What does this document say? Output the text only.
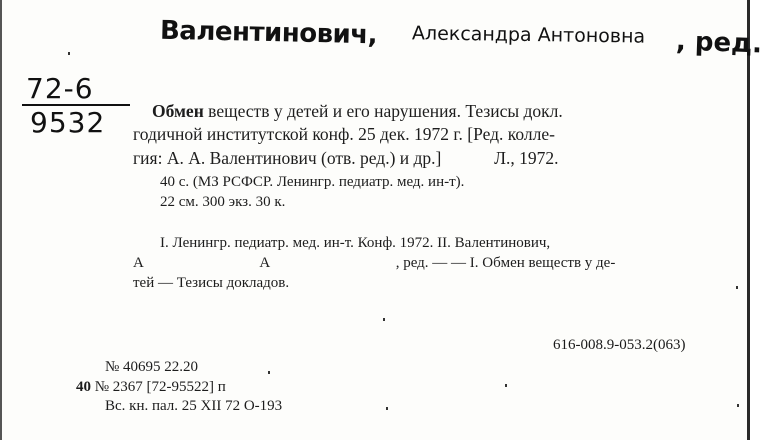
Валентинович, Александра Антоновна , ред.
72-6
9532	Обмен веществ у детей и его нарушения. Тезисы докл.
годичной институтской конф. 25 дек. 1972 г. [Ред. колле-
гия: А. А. Валентинович (отв. ред.) и др.]	Л., 1972.
40 с. (МЗ РСФСР. Ленингр. педиатр. мед. ин-т).
22 см. 300 экз. 30 к.
I. Ленингр. педиатр. мед. ин-т. Конф. 1972. II. Валентинович,
А	А	, ред. — — I. Обмен веществ у де-
тей — Тезисы докладов.
616-008.9-053.2(063)
№ 40695 22.20
40 № 2367 [72-95522] п
Вс. кн. пал. 25 XII 72 О-193
